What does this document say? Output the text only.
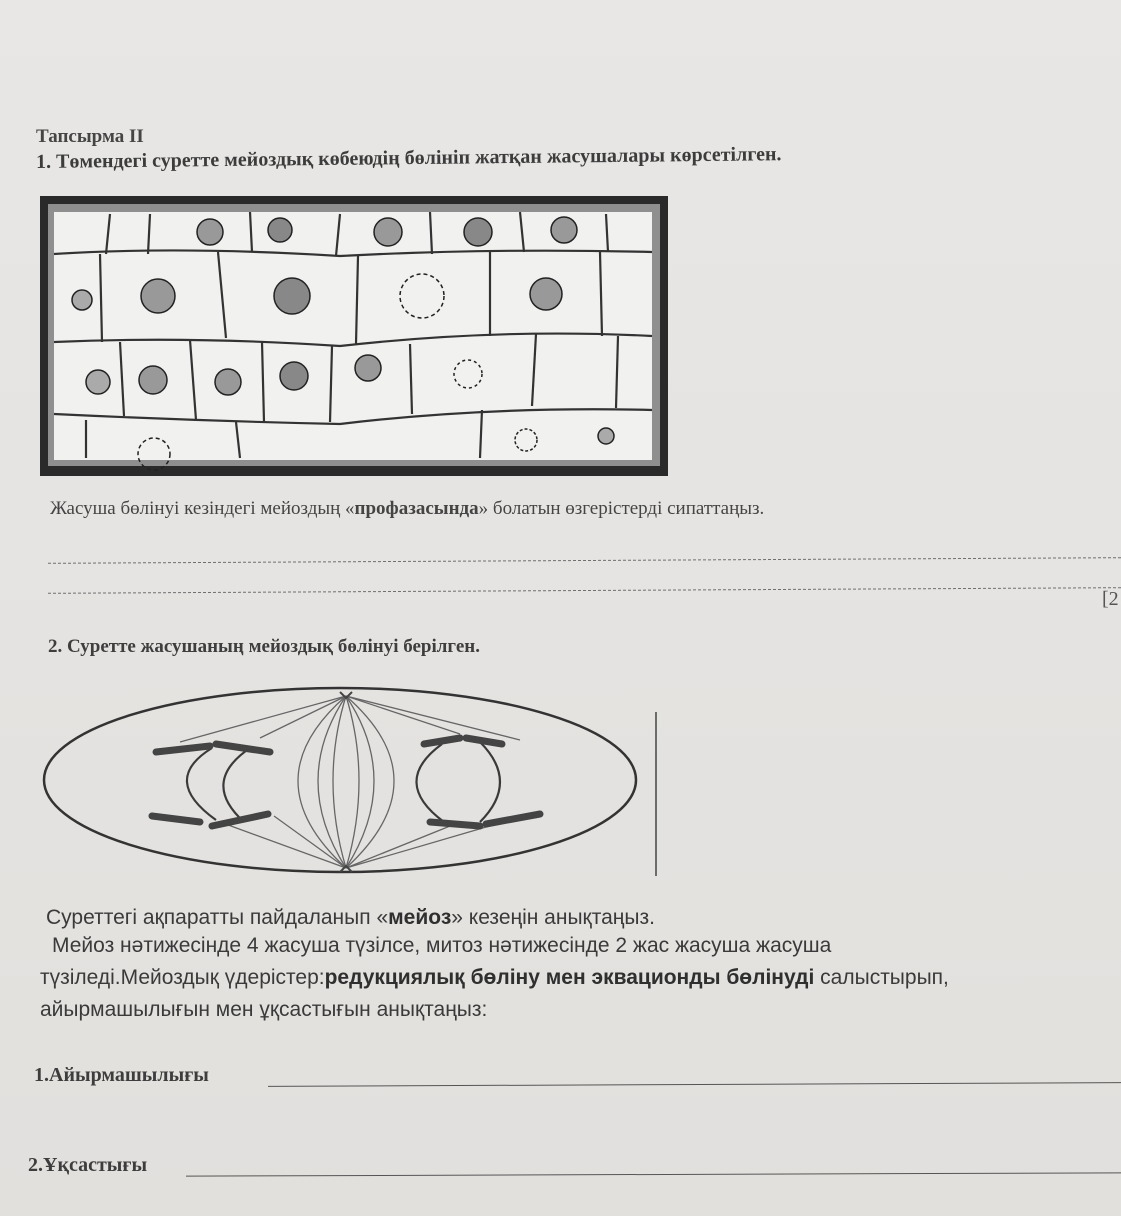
Тапсырма II
1. Төмендегі суретте мейоздық көбеюдің бөлініп жатқан жасушалары көрсетілген.
Жасуша бөлінуі кезіндегі мейоздың «профазасында» болатын өзгерістерді сипаттаңыз.
[2
2. Суретте жасушаның мейоздық бөлінуі берілген.
Суреттегі ақпаратты пайдаланып «мейоз» кезеңін анықтаңыз.
Мейоз нәтижесінде 4 жасуша түзілсе, митоз нәтижесінде 2 жас жасуша жасуша
түзіледі.Мейоздық үдерістер:редукциялық бөліну мен эквационды бөлінуді салыстырып,
айырмашылығын мен ұқсастығын анықтаңыз:
1.Айырмашылығы
2.Ұқсастығы
